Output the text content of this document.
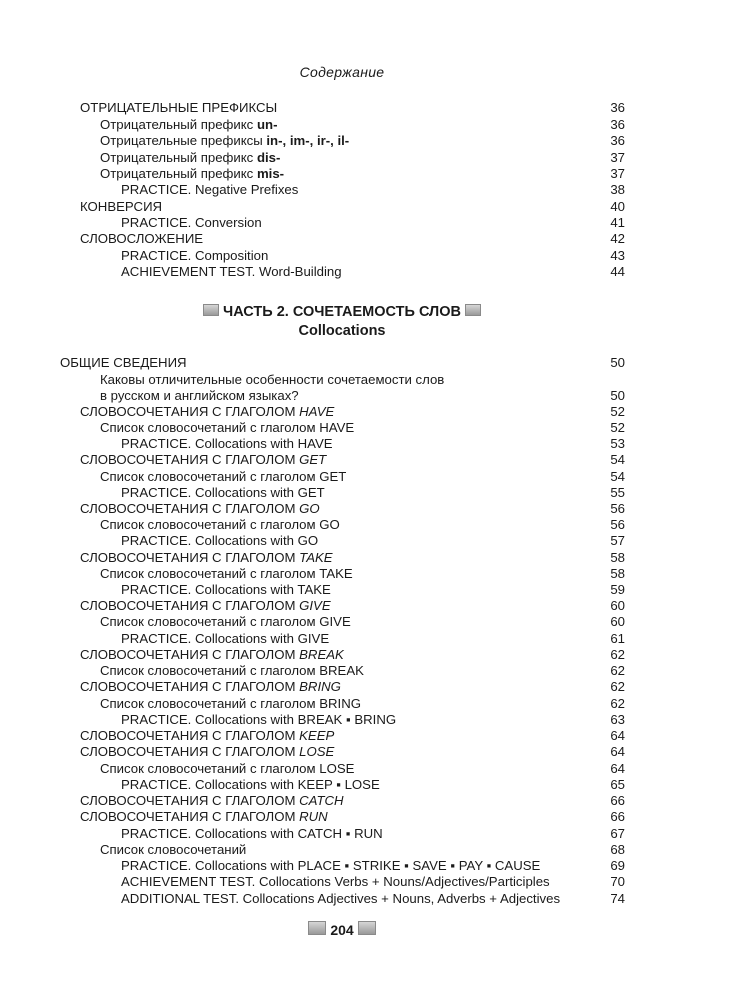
Содержание
ОТРИЦАТЕЛЬНЫЕ ПРЕФИКСЫ	36
Отрицательный префикс un-	36
Отрицательные префиксы in-, im-, ir-, il-	36
Отрицательный префикс dis-	37
Отрицательный префикс mis-	37
PRACTICE. Negative Prefixes	38
КОНВЕРСИЯ	40
PRACTICE. Conversion	41
СЛОВОСЛОЖЕНИЕ	42
PRACTICE. Composition	43
ACHIEVEMENT TEST. Word-Building	44
ЧАСТЬ 2. СОЧЕТАЕМОСТЬ СЛОВ
Collocations
ОБЩИЕ СВЕДЕНИЯ	50
Каковы отличительные особенности сочетаемости слов
в русском и английском языках?	50
СЛОВОСОЧЕТАНИЯ С ГЛАГОЛОМ HAVE	52
Список словосочетаний с глаголом HAVE	52
PRACTICE. Collocations with HAVE	53
СЛОВОСОЧЕТАНИЯ С ГЛАГОЛОМ GET	54
Список словосочетаний с глаголом GET	54
PRACTICE. Collocations with GET	55
СЛОВОСОЧЕТАНИЯ С ГЛАГОЛОМ GO	56
Список словосочетаний с глаголом GO	56
PRACTICE. Collocations with GO	57
СЛОВОСОЧЕТАНИЯ С ГЛАГОЛОМ TAKE	58
Список словосочетаний с глаголом TAKE	58
PRACTICE. Collocations with TAKE	59
СЛОВОСОЧЕТАНИЯ С ГЛАГОЛОМ GIVE	60
Список словосочетаний с глаголом GIVE	60
PRACTICE. Collocations with GIVE	61
СЛОВОСОЧЕТАНИЯ С ГЛАГОЛОМ BREAK	62
Список словосочетаний с глаголом BREAK	62
СЛОВОСОЧЕТАНИЯ С ГЛАГОЛОМ BRING	62
Список словосочетаний с глаголом BRING	62
PRACTICE. Collocations with BREAK ▪ BRING	63
СЛОВОСОЧЕТАНИЯ С ГЛАГОЛОМ KEEP	64
СЛОВОСОЧЕТАНИЯ С ГЛАГОЛОМ LOSE	64
Список словосочетаний с глаголом LOSE	64
PRACTICE. Collocations with KEEP ▪ LOSE	65
СЛОВОСОЧЕТАНИЯ С ГЛАГОЛОМ CATCH	66
СЛОВОСОЧЕТАНИЯ С ГЛАГОЛОМ RUN	66
PRACTICE. Collocations with CATCH ▪ RUN	67
Список словосочетаний	68
PRACTICE. Collocations with PLACE ▪ STRIKE ▪ SAVE ▪ PAY ▪ CAUSE	69
ACHIEVEMENT TEST. Collocations Verbs + Nouns/Adjectives/Participles	70
ADDITIONAL TEST. Collocations Adjectives + Nouns, Adverbs + Adjectives	74
204
